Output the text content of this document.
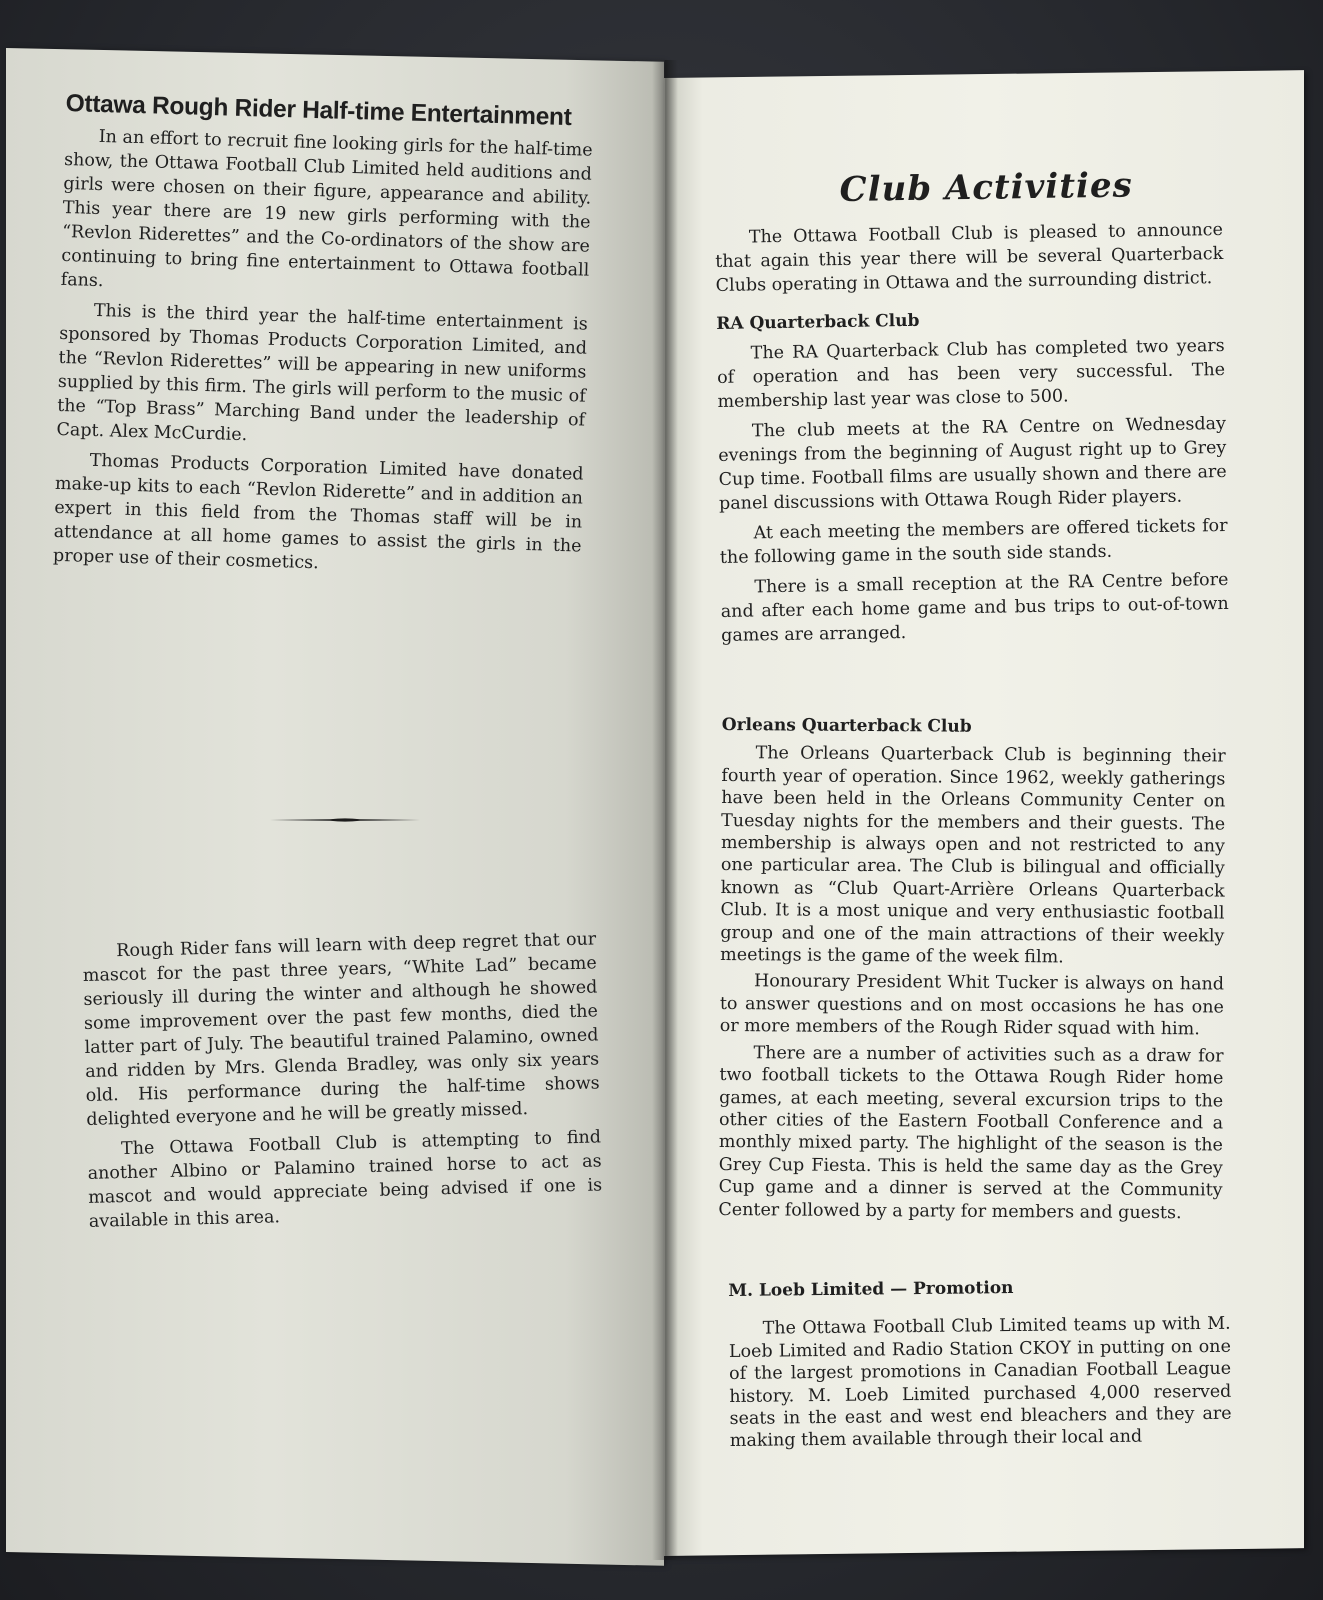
Ottawa Rough Rider Half-time Entertainment

In an effort to recruit fine looking girls for the half-time show, the Ottawa Football Club Limited held auditions and girls were chosen on their figure, appearance and ability. This year there are 19 new girls performing with the “Revlon Riderettes” and the Co-ordinators of the show are continuing to bring fine entertainment to Ottawa football fans.

This is the third year the half-time entertainment is sponsored by Thomas Products Corporation Limited, and the “Revlon Riderettes” will be appearing in new uniforms supplied by this firm. The girls will perform to the music of the “Top Brass” Marching Band under the leadership of Capt. Alex McCurdie.

Thomas Products Corporation Limited have donated make-up kits to each “Revlon Riderette” and in addition an expert in this field from the Thomas staff will be in attendance at all home games to assist the girls in the proper use of their cosmetics.

Rough Rider fans will learn with deep regret that our mascot for the past three years, “White Lad” became seriously ill during the winter and although he showed some improvement over the past few months, died the latter part of July. The beautiful trained Palamino, owned and ridden by Mrs. Glenda Bradley, was only six years old. His performance during the half-time shows delighted everyone and he will be greatly missed.

The Ottawa Football Club is attempting to find another Albino or Palamino trained horse to act as mascot and would appreciate being advised if one is available in this area.

Club Activities

The Ottawa Football Club is pleased to announce that again this year there will be several Quarterback Clubs operating in Ottawa and the surrounding district.

RA Quarterback Club

The RA Quarterback Club has completed two years of operation and has been very successful. The membership last year was close to 500.

The club meets at the RA Centre on Wednesday evenings from the beginning of August right up to Grey Cup time. Football films are usually shown and there are panel discussions with Ottawa Rough Rider players.

At each meeting the members are offered tickets for the following game in the south side stands.

There is a small reception at the RA Centre before and after each home game and bus trips to out-of-town games are arranged.

Orleans Quarterback Club

The Orleans Quarterback Club is beginning their fourth year of operation. Since 1962, weekly gatherings have been held in the Orleans Community Center on Tuesday nights for the members and their guests. The membership is always open and not restricted to any one particular area. The Club is bilingual and officially known as “Club Quart-Arrière Orleans Quarterback Club. It is a most unique and very enthusiastic football group and one of the main attractions of their weekly meetings is the game of the week film.

Honourary President Whit Tucker is always on hand to answer questions and on most occasions he has one or more members of the Rough Rider squad with him.

There are a number of activities such as a draw for two football tickets to the Ottawa Rough Rider home games, at each meeting, several excursion trips to the other cities of the Eastern Football Conference and a monthly mixed party. The highlight of the season is the Grey Cup Fiesta. This is held the same day as the Grey Cup game and a dinner is served at the Community Center followed by a party for members and guests.

M. Loeb Limited — Promotion

The Ottawa Football Club Limited teams up with M. Loeb Limited and Radio Station CKOY in putting on one of the largest promotions in Canadian Football League history. M. Loeb Limited purchased 4,000 reserved seats in the east and west end bleachers and they are making them available through their local and
